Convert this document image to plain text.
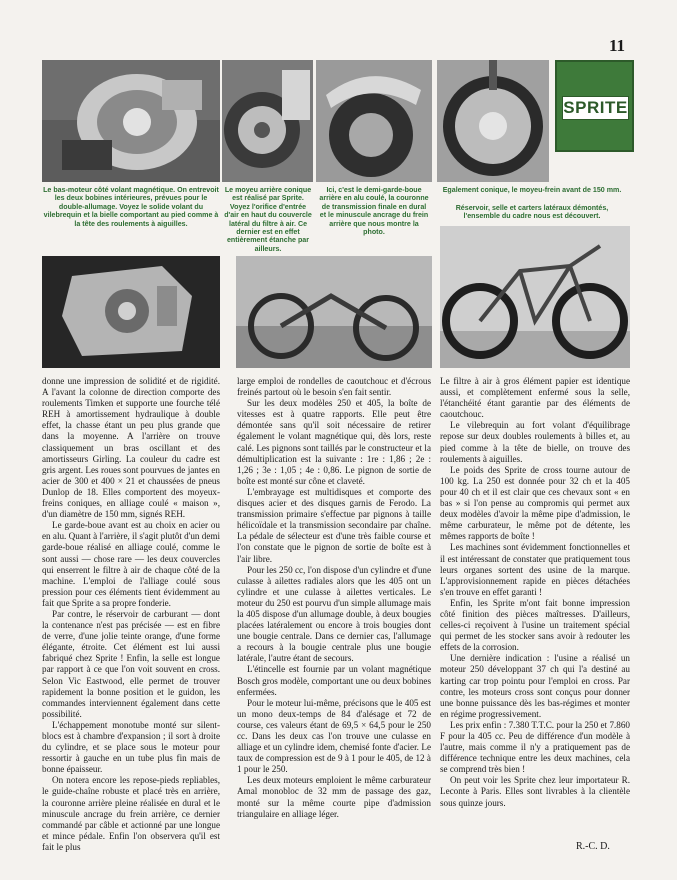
11
SPRITE
Le bas-moteur côté volant magnétique. On entrevoit les deux bobines intérieures, prévues pour le double-allumage. Voyez le solide volant du vilebrequin et la bielle comportant au pied comme à la tête des roulements à aiguilles.
Le moyeu arrière conique est réalisé par Sprite. Voyez l'orifice d'entrée d'air en haut du couvercle latéral du filtre à air. Ce dernier est en effet entièrement étanche par ailleurs.
Ici, c'est le demi-garde-boue arrière en alu coulé, la couronne de transmission finale en dural et le minuscule ancrage du frein arrière que nous montre la photo.
Egalement conique, le moyeu-frein avant de 150 mm.
Réservoir, selle et carters latéraux démontés, l'ensemble du cadre nous est découvert.

donne une impression de solidité et de rigidité. A l'avant la colonne de direction comporte des roulements Timken et supporte une fourche télé REH à amortissement hydraulique à double effet, la chasse étant un peu plus grande que dans la moyenne. A l'arrière on trouve classiquement un bras oscillant et des amortisseurs Girling. La couleur du cadre est gris argent. Les roues sont pourvues de jantes en acier de 300 et 400 × 21 et chaussées de pneus Dunlop de 18. Elles comportent des moyeux-freins coniques, en alliage coulé « maison », d'un diamètre de 150 mm, signés REH.

Le garde-boue avant est au choix en acier ou en alu. Quant à l'arrière, il s'agit plutôt d'un demi garde-boue réalisé en alliage coulé, comme le sont aussi — chose rare — les deux couvercles qui enserrent le filtre à air de chaque côté de la machine. L'emploi de l'alliage coulé sous pression pour ces éléments tient évidemment au fait que Sprite a sa propre fonderie.

Par contre, le réservoir de carburant — dont la contenance n'est pas précisée — est en fibre de verre, d'une jolie teinte orange, d'une forme élégante, étroite. Cet élément est lui aussi fabriqué chez Sprite ! Enfin, la selle est longue par rapport à ce que l'on voit souvent en cross. Selon Vic Eastwood, elle permet de trouver rapidement la bonne position et le guidon, les commandes interviennent également dans cette possibilité.

L'échappement monotube monté sur silent-blocs est à chambre d'expansion ; il sort à droite du cylindre, et se place sous le moteur pour ressortir à gauche en un tube plus fin mais de bonne épaisseur.

On notera encore les repose-pieds repliables, le guide-chaîne robuste et placé très en arrière, la couronne arrière pleine réalisée en dural et le minuscule ancrage du frein arrière, ce dernier commandé par câble et actionné par une longue et mince pédale. Enfin l'on observera qu'il est fait le plus

large emploi de rondelles de caoutchouc et d'écrous freinés partout où le besoin s'en fait sentir.

Sur les deux modèles 250 et 405, la boîte de vitesses est à quatre rapports. Elle peut être démontée sans qu'il soit nécessaire de retirer également le volant magnétique qui, dès lors, reste calé. Les pignons sont taillés par le constructeur et la démultiplication est la suivante : 1re : 1,86 ; 2e : 1,26 ; 3e : 1,05 ; 4e : 0,86. Le pignon de sortie de boîte est monté sur cône et claveté.

L'embrayage est multidisques et comporte des disques acier et des disques garnis de Ferodo. La transmission primaire s'effectue par pignons à taille hélicoïdale et la transmission secondaire par chaîne. La pédale de sélecteur est d'une très faible course et l'on constate que le pignon de sortie de boîte est à l'air libre.

Pour les 250 cc, l'on dispose d'un cylindre et d'une culasse à ailettes radiales alors que les 405 ont un cylindre et une culasse à ailettes verticales. Le moteur du 250 est pourvu d'un simple allumage mais la 405 dispose d'un allumage double, à deux bougies placées latéralement ou encore à trois bougies dont une bougie centrale. Dans ce dernier cas, l'allumage a recours à la bougie centrale plus une bougie latérale, l'autre étant de secours.

L'étincelle est fournie par un volant magnétique Bosch gros modèle, comportant une ou deux bobines enfermées.

Pour le moteur lui-même, précisons que le 405 est un mono deux-temps de 84 d'alésage et 72 de course, ces valeurs étant de 69,5 × 64,5 pour le 250 cc. Dans les deux cas l'on trouve une culasse en alliage et un cylindre idem, chemisé fonte d'acier. Le taux de compression est de 9 à 1 pour le 405, de 12 à 1 pour le 250.

Les deux moteurs emploient le même carburateur Amal monobloc de 32 mm de passage des gaz, monté sur la même courte pipe d'admission triangulaire en alliage léger.

Le filtre à air à gros élément papier est identique aussi, et complètement enfermé sous la selle, l'étanchéité étant garantie par des éléments de caoutchouc.

Le vilebrequin au fort volant d'équilibrage repose sur deux doubles roulements à billes et, au pied comme à la tête de bielle, on trouve des roulements à aiguilles.

Le poids des Sprite de cross tourne autour de 100 kg. La 250 est donnée pour 32 ch et la 405 pour 40 ch et il est clair que ces chevaux sont « en bas » si l'on pense au compromis qui permet aux deux modèles d'avoir la même pipe d'admission, le même carburateur, le même pot de détente, les mêmes rapports de boîte !

Les machines sont évidemment fonctionnelles et il est intéressant de constater que pratiquement tous leurs organes sortent des usine de la marque. L'approvisionnement rapide en pièces détachées s'en trouve en effet garanti !

Enfin, les Sprite m'ont fait bonne impression côté finition des pièces maîtresses. D'ailleurs, celles-ci reçoivent à l'usine un traitement spécial qui permet de les stocker sans avoir à redouter les effets de la corrosion.

Une dernière indication : l'usine a réalisé un moteur 250 développant 37 ch qui l'a destiné au karting car trop pointu pour l'emploi en cross. Par contre, les moteurs cross sont conçus pour donner une bonne puissance dès les bas-régimes et monter en régime progressivement.

Les prix enfin : 7.380 T.T.C. pour la 250 et 7.860 F pour la 405 cc. Peu de différence d'un modèle à l'autre, mais comme il n'y a pratiquement pas de différence technique entre les deux machines, cela se comprend très bien !

On peut voir les Sprite chez leur importateur R. Leconte à Paris. Elles sont livrables à la clientèle sous quinze jours.

R.-C. D.
